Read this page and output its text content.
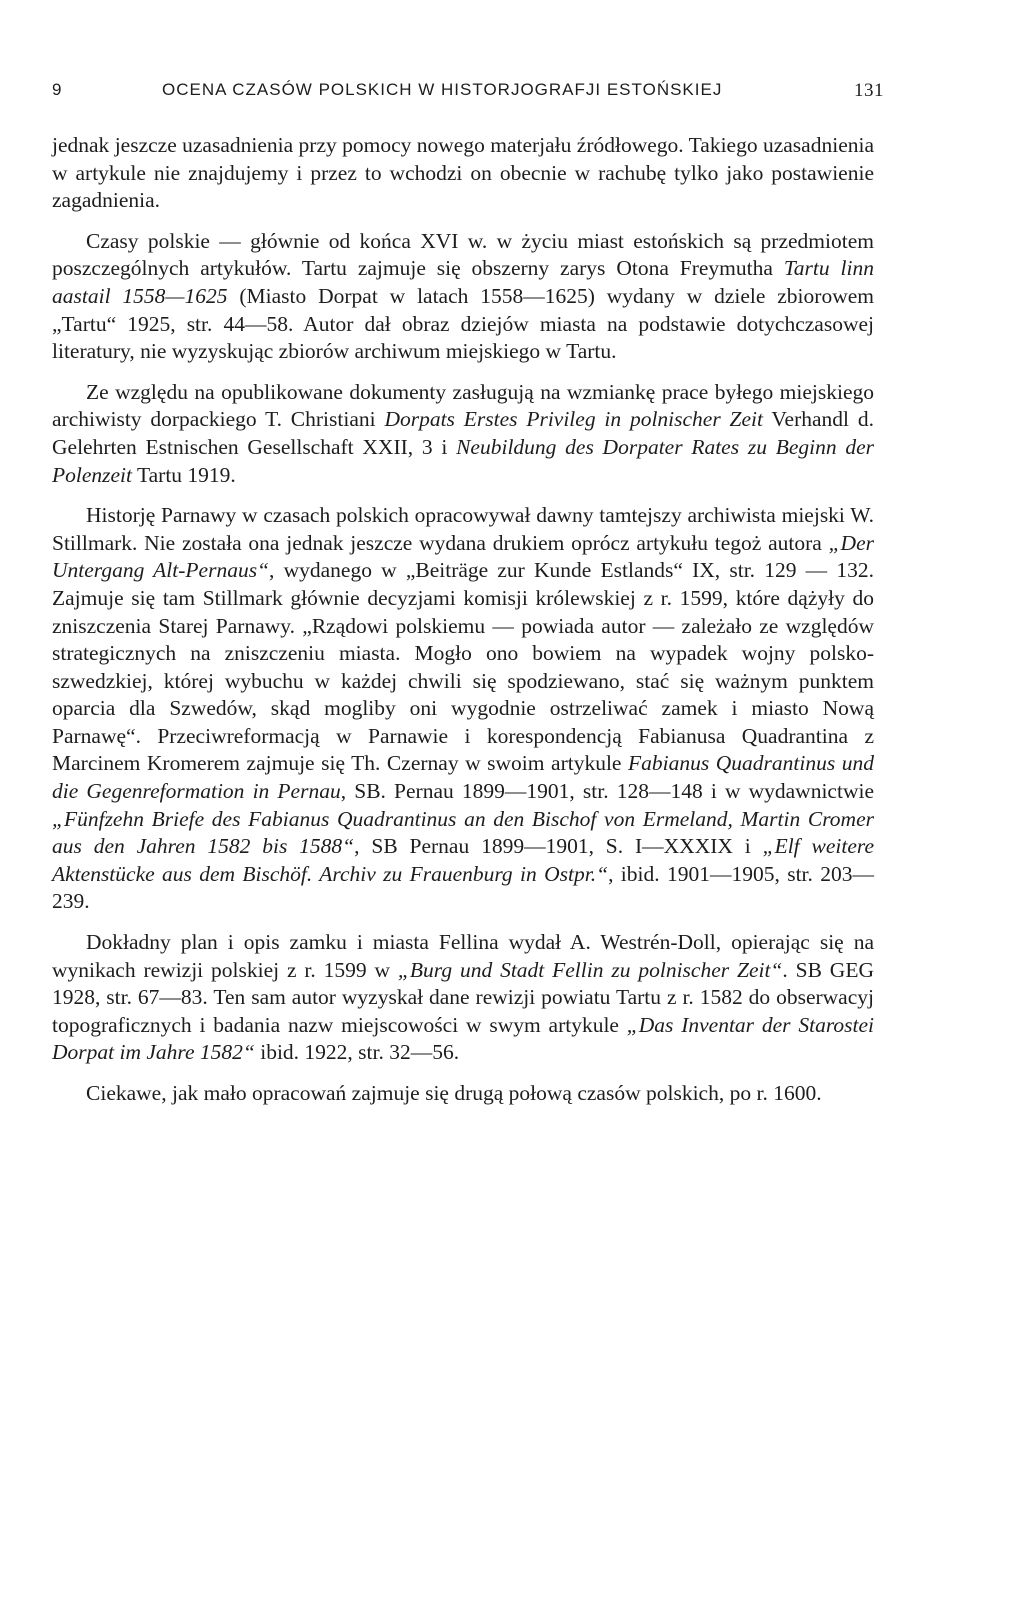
9	OCENA CZASÓW POLSKICH W HISTORJOGRAFJI ESTOŃSKIEJ	131

jednak jeszcze uzasadnienia przy pomocy nowego materjału źródłowego. Takiego uzasadnienia w artykule nie znajdujemy i przez to wchodzi on obecnie w rachubę tylko jako postawienie zagadnienia.

Czasy polskie — głównie od końca XVI w. w życiu miast estońskich są przedmiotem poszczególnych artykułów. Tartu zajmuje się obszerny zarys Otona Freymutha Tartu linn aastail 1558—1625 (Miasto Dorpat w latach 1558—1625) wydany w dziele zbiorowem „Tartu“ 1925, str. 44—58. Autor dał obraz dziejów miasta na podstawie dotychczasowej literatury, nie wyzyskując zbiorów archiwum miejskiego w Tartu.

Ze względu na opublikowane dokumenty zasługują na wzmiankę prace byłego miejskiego archiwisty dorpackiego T. Christiani Dorpats Erstes Privileg in polnischer Zeit Verhandl d. Gelehrten Estnischen Gesellschaft XXII, 3 i Neubildung des Dorpater Rates zu Beginn der Polenzeit Tartu 1919.

Historję Parnawy w czasach polskich opracowywał dawny tamtejszy archiwista miejski W. Stillmark. Nie została ona jednak jeszcze wydana drukiem oprócz artykułu tegoż autora „Der Untergang Alt-Pernaus“, wydanego w „Beiträge zur Kunde Estlands“ IX, str. 129 — 132. Zajmuje się tam Stillmark głównie decyzjami komisji królewskiej z r. 1599, które dążyły do zniszczenia Starej Parnawy. „Rządowi polskiemu — powiada autor — zależało ze względów strategicznych na zniszczeniu miasta. Mogło ono bowiem na wypadek wojny polsko-szwedzkiej, której wybuchu w każdej chwili się spodziewano, stać się ważnym punktem oparcia dla Szwedów, skąd mogliby oni wygodnie ostrzeliwać zamek i miasto Nową Parnawę“. Przeciwreformacją w Parnawie i korespondencją Fabianusa Quadrantina z Marcinem Kromerem zajmuje się Th. Czernay w swoim artykule Fabianus Quadrantinus und die Gegenreformation in Pernau, SB. Pernau 1899—1901, str. 128—148 i w wydawnictwie „Fünfzehn Briefe des Fabianus Quadrantinus an den Bischof von Ermeland, Martin Cromer aus den Jahren 1582 bis 1588“, SB Pernau 1899—1901, S. I—XXXIX i „Elf weitere Aktenstücke aus dem Bischöf. Archiv zu Frauenburg in Ostpr.“, ibid. 1901—1905, str. 203—239.

Dokładny plan i opis zamku i miasta Fellina wydał A. Westrén-Doll, opierając się na wynikach rewizji polskiej z r. 1599 w „Burg und Stadt Fellin zu polnischer Zeit“. SB GEG 1928, str. 67—83. Ten sam autor wyzyskał dane rewizji powiatu Tartu z r. 1582 do obserwacyj topograficznych i badania nazw miejscowości w swym artykule „Das Inventar der Starostei Dorpat im Jahre 1582“ ibid. 1922, str. 32—56.

Ciekawe, jak mało opracowań zajmuje się drugą połową czasów polskich, po r. 1600.
